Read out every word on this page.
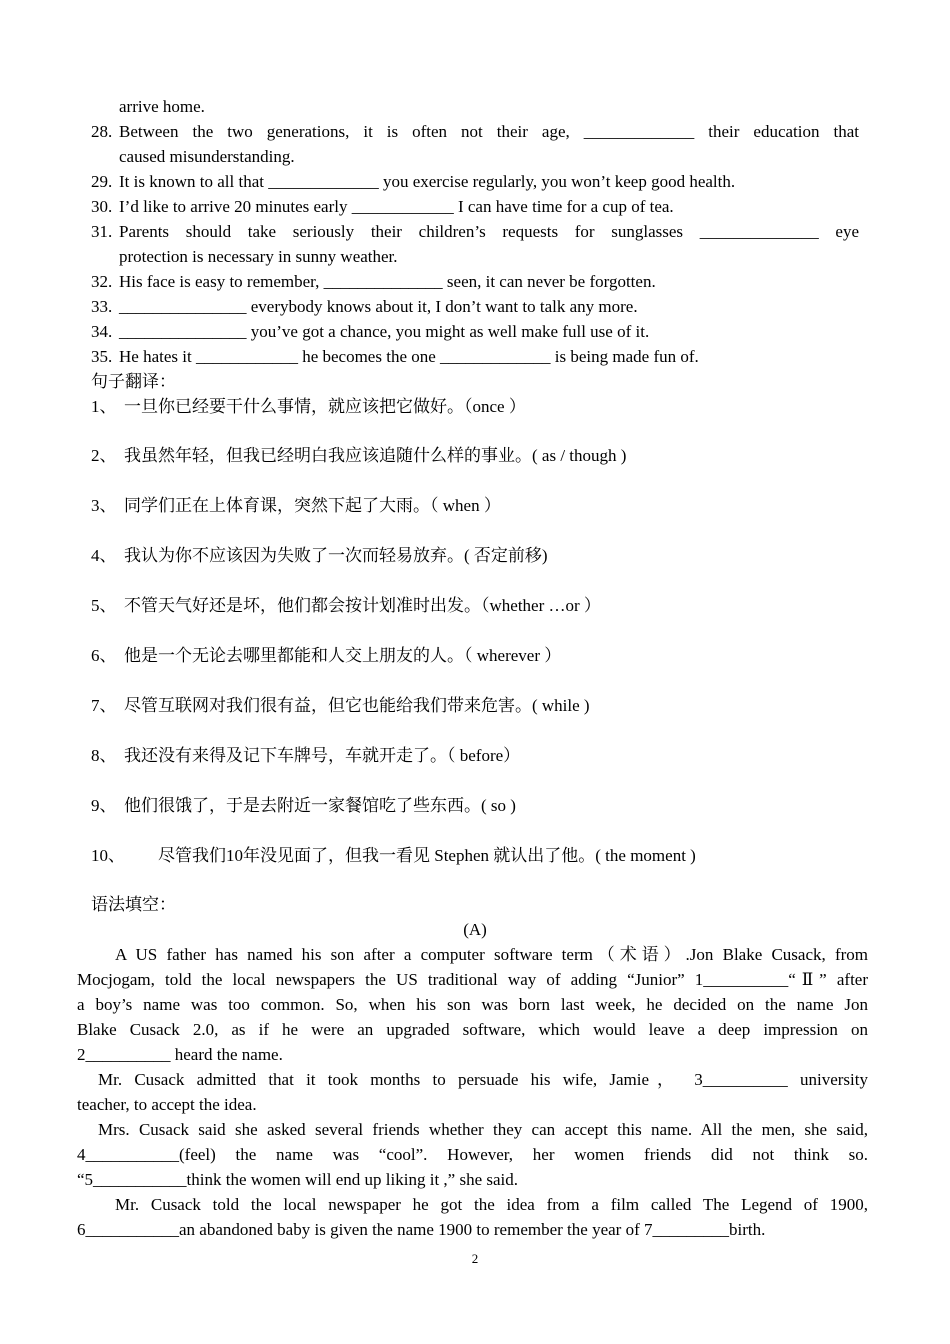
arrive home.
28. Between the two generations, it is often not their age, _____________ their education that
caused misunderstanding.
29. It is known to all that _____________ you exercise regularly, you won’t keep good health.
30. I’d like to arrive 20 minutes early ____________ I can have time for a cup of tea.
31. Parents should take seriously their children’s requests for sunglasses ______________ eye
protection is necessary in sunny weather.
32. His face is easy to remember, ______________ seen, it can never be forgotten.
33. _______________ everybody knows about it, I don’t want to talk any more.
34. _______________ you’ve got a chance, you might as well make full use of it.
35. He hates it ____________ he becomes the one _____________ is being made fun of.
句子翻译：
1、 一旦你已经要干什么事情，就应该把它做好。（once ）
2、 我虽然年轻，但我已经明白我应该追随什么样的事业。( as / though )
3、 同学们正在上体育课，突然下起了大雨。（ when ）
4、 我认为你不应该因为失败了一次而轻易放弃。( 否定前移)
5、 不管天气好还是坏，他们都会按计划准时出发。（whether …or ）
6、 他是一个无论去哪里都能和人交上朋友的人。（ wherever ）
7、 尽管互联网对我们很有益，但它也能给我们带来危害。( while )
8、 我还没有来得及记下车牌号，车就开走了。（ before）
9、 他们很饿了，于是去附近一家餐馆吃了些东西。( so )
10、 尽管我们10年没见面了，但我一看见 Stephen 就认出了他。( the moment )
语法填空：
(A)
A US father has named his son after a computer software term（术语）.Jon Blake Cusack, from
Mocjogam, told the local newspapers the US traditional way of adding “Junior” 1__________“Ⅱ” after
a boy’s name was too common. So, when his son was born last week, he decided on the name Jon
Blake Cusack 2.0, as if he were an upgraded software, which would leave a deep impression on
2__________ heard the name.
Mr. Cusack admitted that it took months to persuade his wife, Jamie， 3__________ university
teacher, to accept the idea.
Mrs. Cusack said she asked several friends whether they can accept this name. All the men, she said,
4___________(feel) the name was “cool”. However, her women friends did not think so.
“5___________think the women will end up liking it ,” she said.
Mr. Cusack told the local newspaper he got the idea from a film called The Legend of 1900,
6___________an abandoned baby is given the name 1900 to remember the year of 7_________birth.
2
